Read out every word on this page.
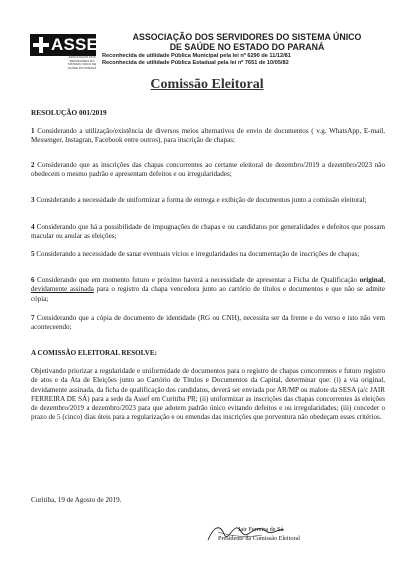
ASSEF
ASSOCIAÇÃO DOS SERVIDORES DO SISTEMA ÚNICO DE SAÚDE DO PARANÁ
ASSOCIAÇÃO DOS SERVIDORES DO SISTEMA ÚNICO
DE SAÚDE NO ESTADO DO PARANÁ
Reconhecida de utilidade Pública Municipal pela lei nº 6290 de 11/12/81
Reconhecida de utilidade Pública Estadual pela lei nº 7651 de 10/05/82
Comissão Eleitoral
RESOLUÇÃO 001/2019
1 Considerando a utilização/existência de diversos meios alternativos de envio de documentos ( v.g. WhatsApp, E-mail, Messenger, Instagran, Facebook entre outros), para inscrição de chapas;
2 Considerando que as inscrições das chapas concorrentes ao certame eleitoral de dezembro/2019 a dezembro/2023 não obedecem o mesmo padrão e apresentam defeitos e ou irregularidades;
3 Considerando a necessidade de uniformizar a forma de entrega e exibição de documentos junto a comissão eleitoral;
4 Considerando que há a possibilidade de impugnações de chapas e ou candidatos por generalidades e defeitos que possam macular ou anular as eleições;
5 Considerando a necessidade de sanar eventuais vícios e irregularidades na documentação de inscrições de chapas;
6 Considerando que em momento futuro e próximo haverá a necessidade de apresentar a Ficha de Qualificação original, devidamente assinada para o registro da chapa vencedora junto ao cartório de títulos e documentos e que não se admite cópia;
7 Considerando que a cópia de documento de identidade (RG ou CNH), necessita ser da frente e do verso e isto não vem aconteceendo;
A COMISSÃO ELEITORAL RESOLVE:
Objetivando priorizar a regularidade e uniformidade de documentos para o registro de chapas concorrentes e futuro registro de atos e da Ata de Eleições junto ao Cartório de Títulos e Documentos da Capital, determinar que: (i) a via original, devidamente assinada, da ficha de qualificação dos candidatos, deverá ser enviada por AR/MP ou malote da SESA (a/c JAIR FERREIRA DE SÁ) para a sede da Assef em Curitiba PR; (ii) uniformizar as inscrições das chapas concorrentes às eleições de dezembro/2019 a dezembro/2023 para que adotem padrão único evitando defeitos e ou irregularidades; (iii) conceder o prazo de 5 (cinco) dias úteis para a regularização e ou emendas das inscrições que porventura não obedeçam esses critérios.
Curitiba, 19 de Agosto de 2019.
Jair Ferreira de Sá
Presidente da Comissão Eleitoral
